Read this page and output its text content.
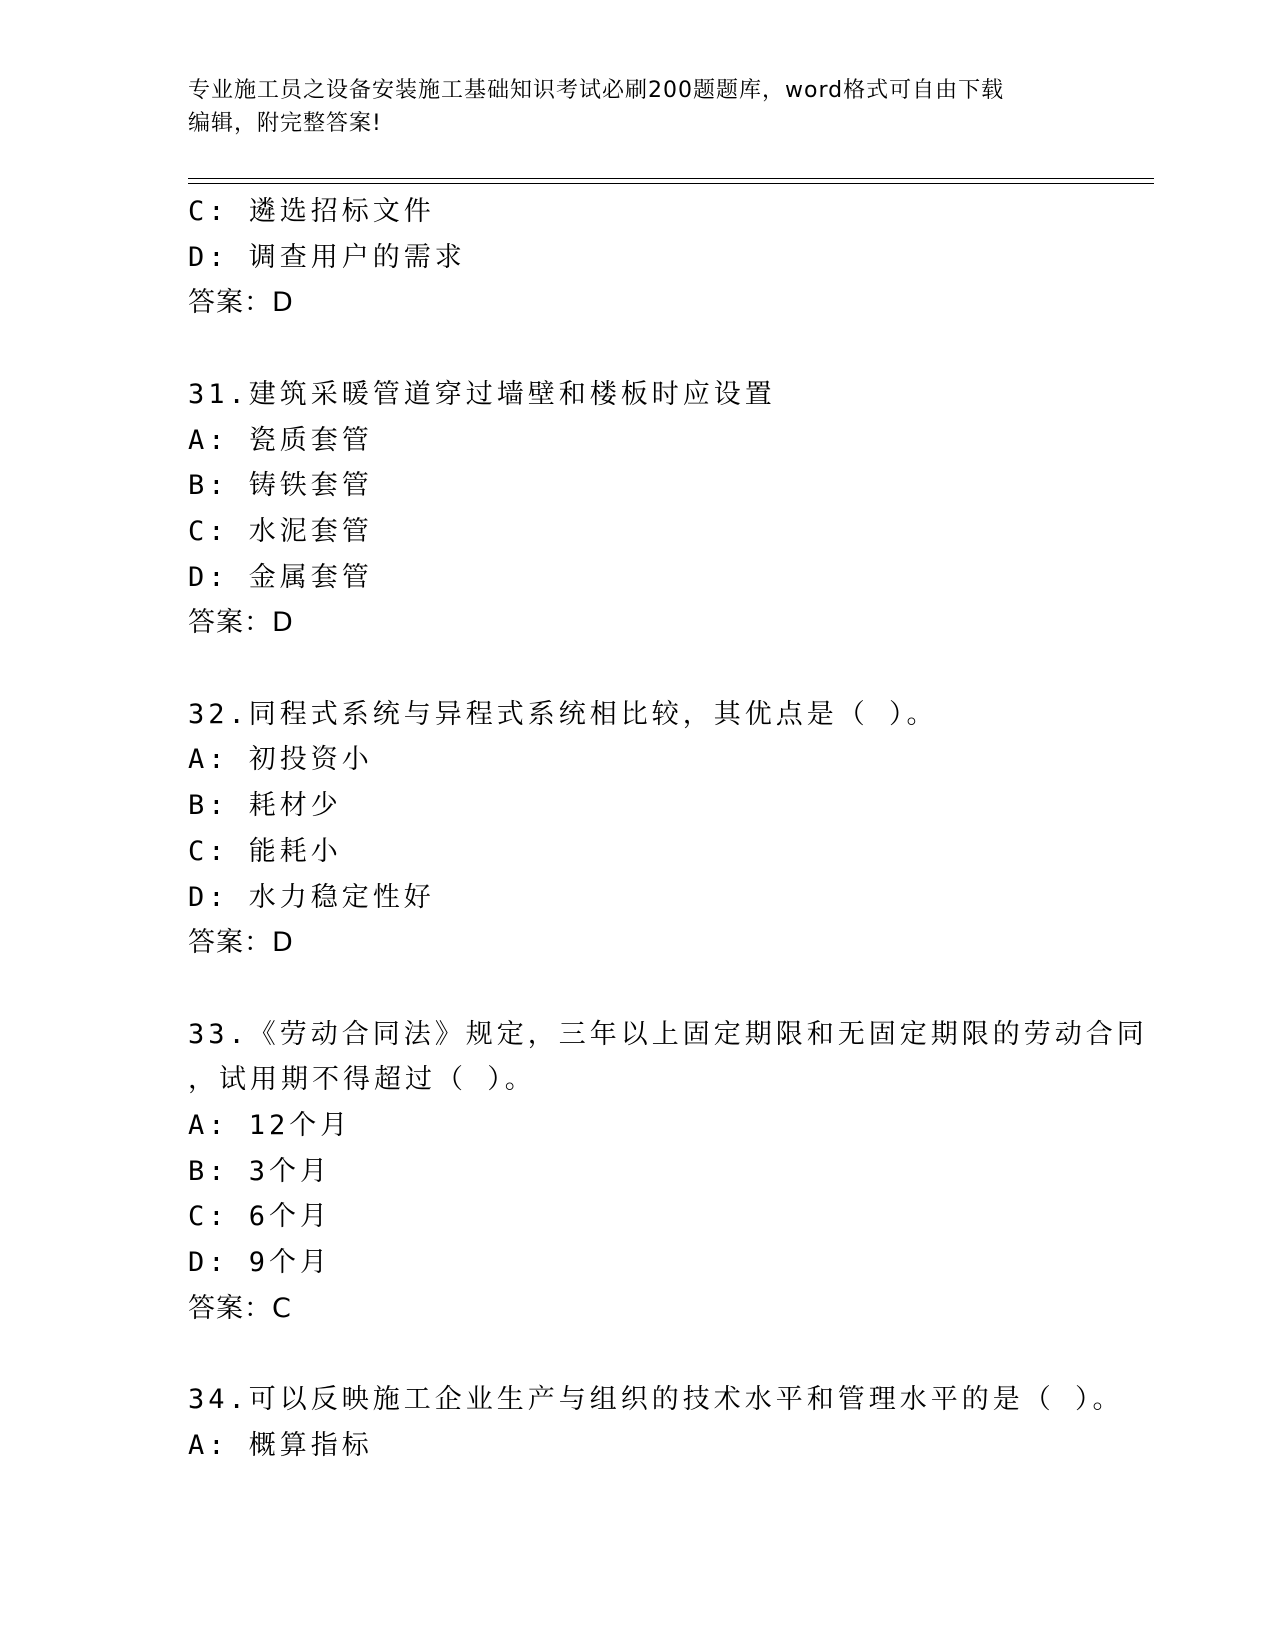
专业施工员之设备安装施工基础知识考试必刷200题题库，word格式可自由下载
编辑，附完整答案!
C: 遴选招标文件
D: 调查用户的需求
答案：D
31.建筑采暖管道穿过墙壁和楼板时应设置
A: 瓷质套管
B: 铸铁套管
C: 水泥套管
D: 金属套管
答案：D
32.同程式系统与异程式系统相比较，其优点是（ ）。
A: 初投资小
B: 耗材少
C: 能耗小
D: 水力稳定性好
答案：D
33.《劳动合同法》规定，三年以上固定期限和无固定期限的劳动合同
，试用期不得超过（ ）。
A: 12个月
B: 3个月
C: 6个月
D: 9个月
答案：C
34.可以反映施工企业生产与组织的技术水平和管理水平的是（ ）。
A: 概算指标
